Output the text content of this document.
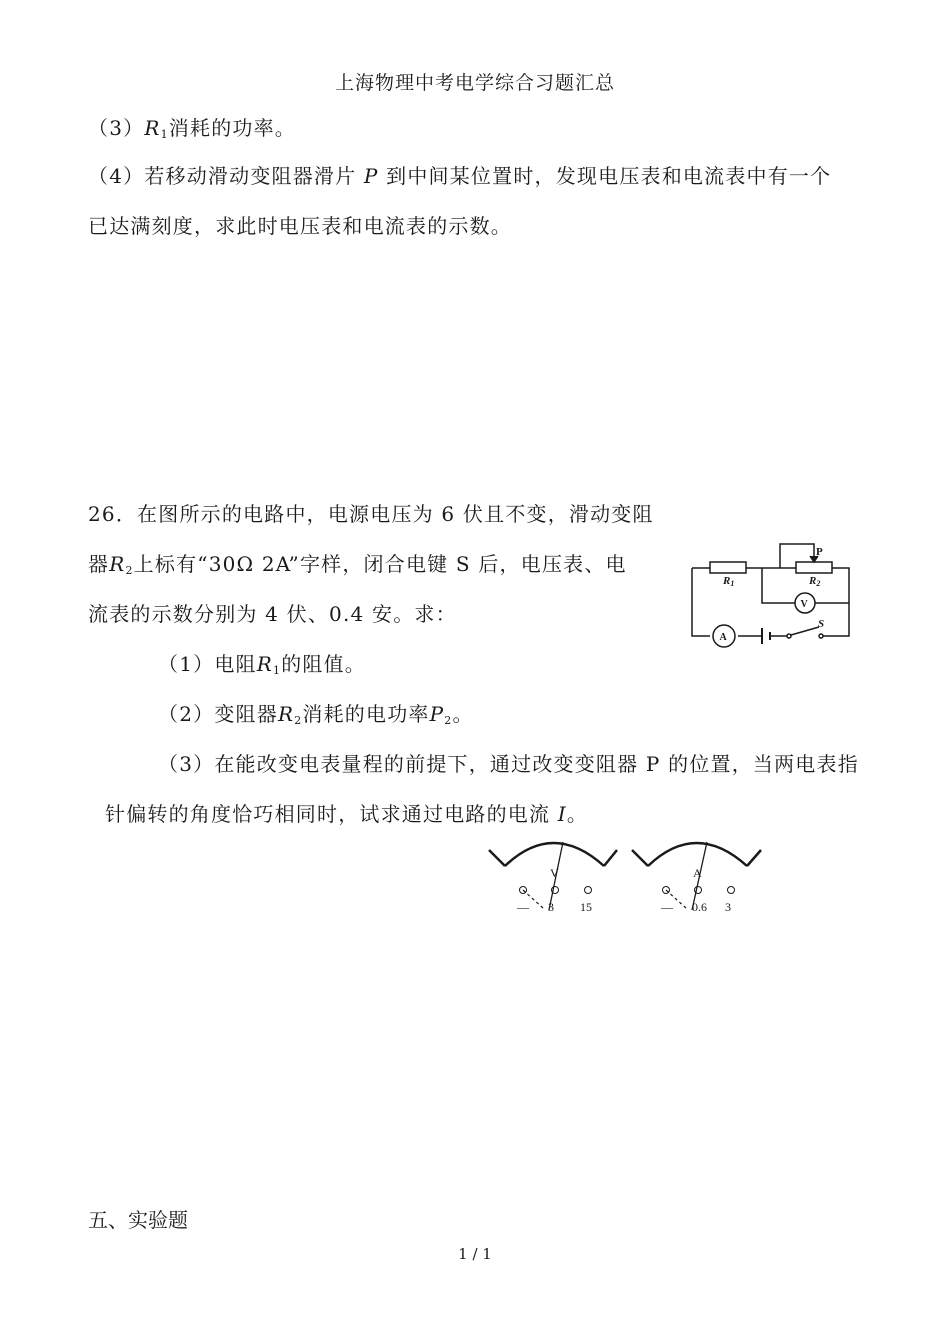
上海物理中考电学综合习题汇总
$(3)R_1$消耗的功率。
（4）若移动滑动变阻器滑片 P 到中间某位置时，发现电压表和电流表中有一个
已达满刻度，求此时电压表和电流表的示数。
26．在图所示的电路中，电源电压为 6 伏且不变，滑动变阻
器$R_2$上标有“30Ω 2A”字样，闭合电键 S 后，电压表、电
流表的示数分别为 4 伏、0.4 安。求：
（1）电阻$R_1$的阻值。
（2）变阻器$R_2$消耗的电功率$P_2$。
（3）在能改变电表量程的前提下，通过改变变阻器 P 的位置，当两电表指
针偏转的角度恰巧相同时，试求通过电路的电流 I。
R1	R2
P
S
V
A
V
— 3 15
A
— 0.6 3
五、实验题
1 / 1
